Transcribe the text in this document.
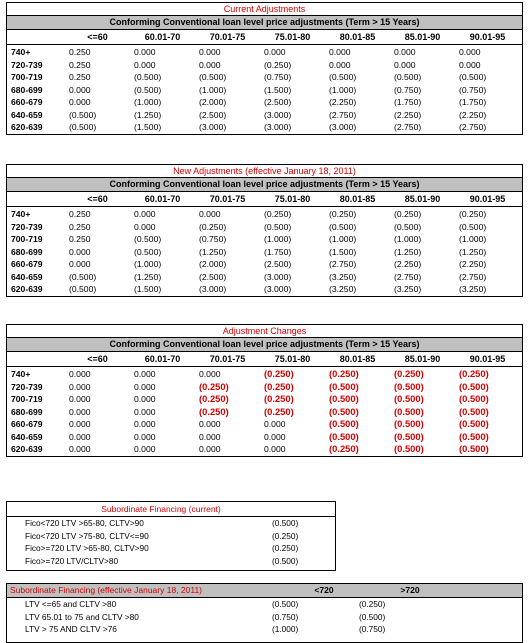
Current Adjustments
Conforming Conventional loan level price adjustments (Term > 15 Years)
<=60	60.01-70	70.01-75	75.01-80	80.01-85	85.01-90	90.01-95
740+	0.250	0.000	0.000	0.000	0.000	0.000	0.000
720-739	0.250	0.000	0.000	(0.250)	0.000	0.000	0.000
700-719	0.250	(0.500)	(0.500)	(0.750)	(0.500)	(0.500)	(0.500)
680-699	0.000	(0.500)	(1.000)	(1.500)	(1.000)	(0.750)	(0.750)
660-679	0.000	(1.000)	(2.000)	(2.500)	(2.250)	(1.750)	(1.750)
640-659	(0.500)	(1.250)	(2.500)	(3.000)	(2.750)	(2.250)	(2.250)
620-639	(0.500)	(1.500)	(3.000)	(3.000)	(3.000)	(2.750)	(2.750)
New Adjustments (effective January 18, 2011)
Conforming Conventional loan level price adjustments (Term > 15 Years)
<=60	60.01-70	70.01-75	75.01-80	80.01-85	85.01-90	90.01-95
740+	0.250	0.000	0.000	(0.250)	(0.250)	(0.250)	(0.250)
720-739	0.250	0.000	(0.250)	(0.500)	(0.500)	(0.500)	(0.500)
700-719	0.250	(0.500)	(0.750)	(1.000)	(1.000)	(1.000)	(1.000)
680-699	0.000	(0.500)	(1.250)	(1.750)	(1.500)	(1.250)	(1.250)
660-679	0.000	(1.000)	(2.000)	(2.500)	(2.750)	(2.250)	(2.250)
640-659	(0.500)	(1.250)	(2.500)	(3.000)	(3.250)	(2.750)	(2.750)
620-639	(0.500)	(1.500)	(3.000)	(3.000)	(3.250)	(3.250)	(3.250)
Adjustment Changes
Conforming Conventional loan level price adjustments (Term > 15 Years)
<=60	60.01-70	70.01-75	75.01-80	80.01-85	85.01-90	90.01-95
740+	0.000	0.000	0.000	(0.250)	(0.250)	(0.250)	(0.250)
720-739	0.000	0.000	(0.250)	(0.250)	(0.500)	(0.500)	(0.500)
700-719	0.000	0.000	(0.250)	(0.250)	(0.500)	(0.500)	(0.500)
680-699	0.000	0.000	(0.250)	(0.250)	(0.500)	(0.500)	(0.500)
660-679	0.000	0.000	0.000	0.000	(0.500)	(0.500)	(0.500)
640-659	0.000	0.000	0.000	0.000	(0.500)	(0.500)	(0.500)
620-639	0.000	0.000	0.000	0.000	(0.250)	(0.500)	(0.500)
Subordinate Financing (current)
Fico<720 LTV >65-80, CLTV>90	(0.500)
Fico<720 LTV >75-80, CLTV<=90	(0.250)
Fico>=720 LTV >65-80, CLTV>90	(0.250)
Fico>=720 LTV/CLTV>80	(0.500)
Subordinate Financing (effective January 18, 2011)	<720	>720
LTV <=65 and CLTV >80	(0.500)	(0.250)
LTV 65.01 to 75 and CLTV >80	(0.750)	(0.500)
LTV > 75 AND CLTV >76	(1.000)	(0.750)
